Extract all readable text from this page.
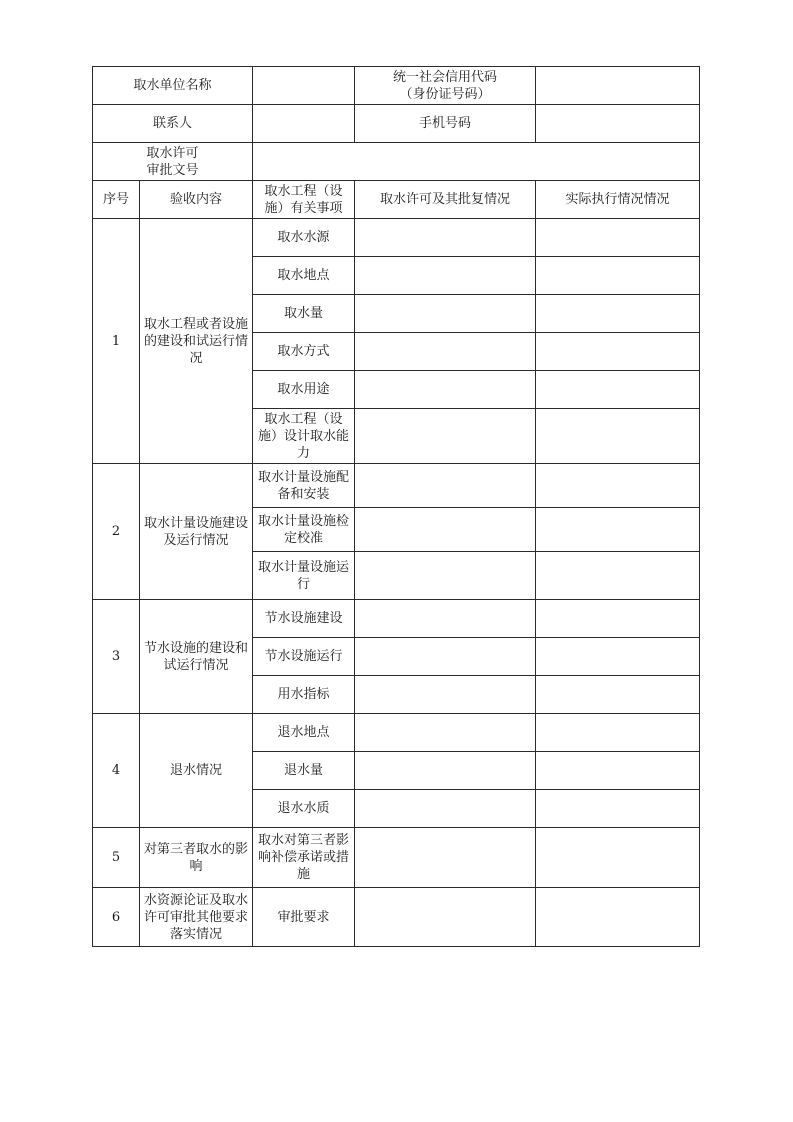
取水单位名称			统一社会信用代码
（身份证号码）	
联系人			手机号码	
取水许可
审批文号				
序号	验收内容	取水工程（设施）有关事项	取水许可及其批复情况	实际执行情况情况
1	取水工程或者设施的建设和试运行情况	取水水源		
		取水地点		
		取水量		
		取水方式		
		取水用途		
		取水工程（设施）设计取水能力		
2	取水计量设施建设及运行情况	取水计量设施配备和安装		
		取水计量设施检定校准		
		取水计量设施运行		
3	节水设施的建设和试运行情况	节水设施建设		
		节水设施运行		
		用水指标		
4	退水情况	退水地点		
		退水量		
		退水水质		
5	对第三者取水的影响	取水对第三者影响补偿承诺或措施		
6	水资源论证及取水许可审批其他要求落实情况	审批要求		
